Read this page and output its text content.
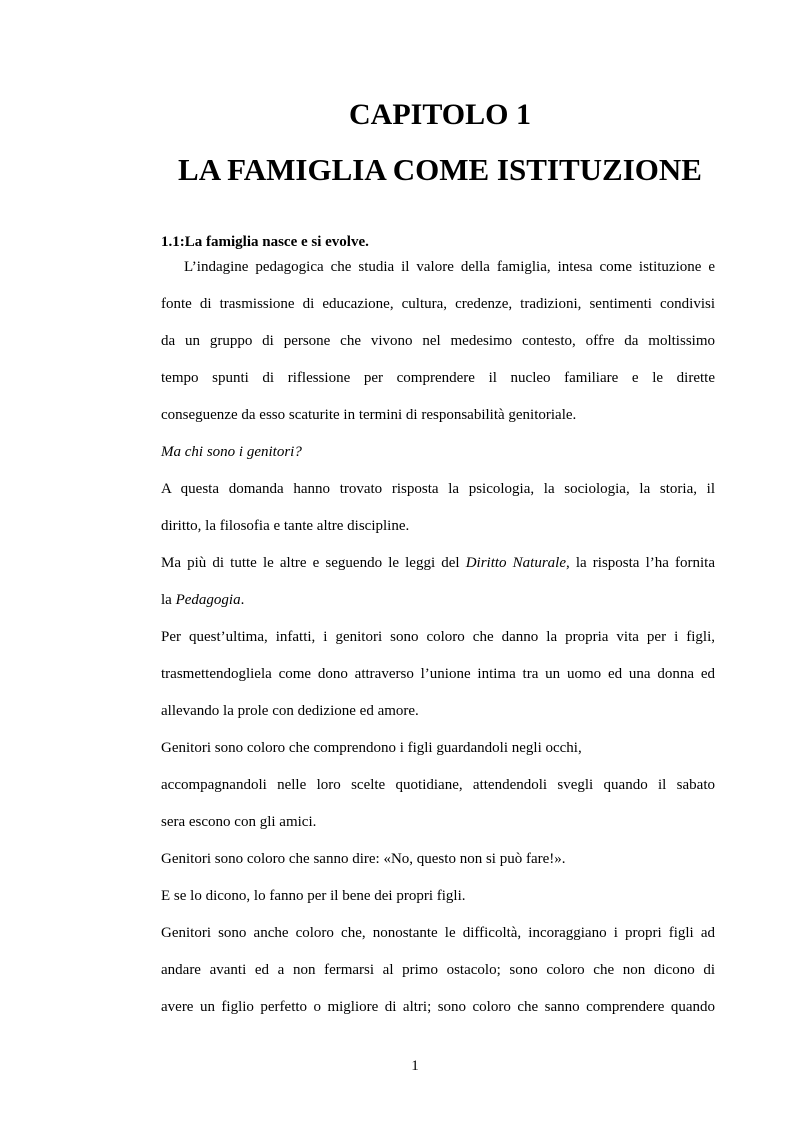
CAPITOLO 1
LA FAMIGLIA COME ISTITUZIONE
1.1:La famiglia nasce e si evolve.

L’indagine pedagogica che studia il valore della famiglia, intesa come istituzione e

fonte di trasmissione di educazione, cultura, credenze, tradizioni, sentimenti condivisi

da un gruppo di persone che vivono nel medesimo contesto, offre da moltissimo

tempo spunti di riflessione per comprendere il nucleo familiare e le dirette

conseguenze da esso scaturite in termini di responsabilità genitoriale.

Ma chi sono i genitori?

A questa domanda hanno trovato risposta la psicologia, la sociologia, la storia, il

diritto, la filosofia e tante altre discipline.

Ma più di tutte le altre e seguendo le leggi del Diritto Naturale, la risposta l’ha fornita

la Pedagogia.

Per quest’ultima, infatti, i genitori sono coloro che danno la propria vita per i figli,

trasmettendogliela come dono attraverso l’unione intima tra un uomo ed una donna ed

allevando la prole con dedizione ed amore.

Genitori sono coloro che comprendono i figli guardandoli negli occhi,

accompagnandoli nelle loro scelte quotidiane, attendendoli svegli quando il sabato

sera escono con gli amici.

Genitori sono coloro che sanno dire: «No, questo non si può fare!».

E se lo dicono, lo fanno per il bene dei propri figli.

Genitori sono anche coloro che, nonostante le difficoltà, incoraggiano i propri figli ad

andare avanti ed a non fermarsi al primo ostacolo; sono coloro che non dicono di

avere un figlio perfetto o migliore di altri; sono coloro che sanno comprendere quando

1
